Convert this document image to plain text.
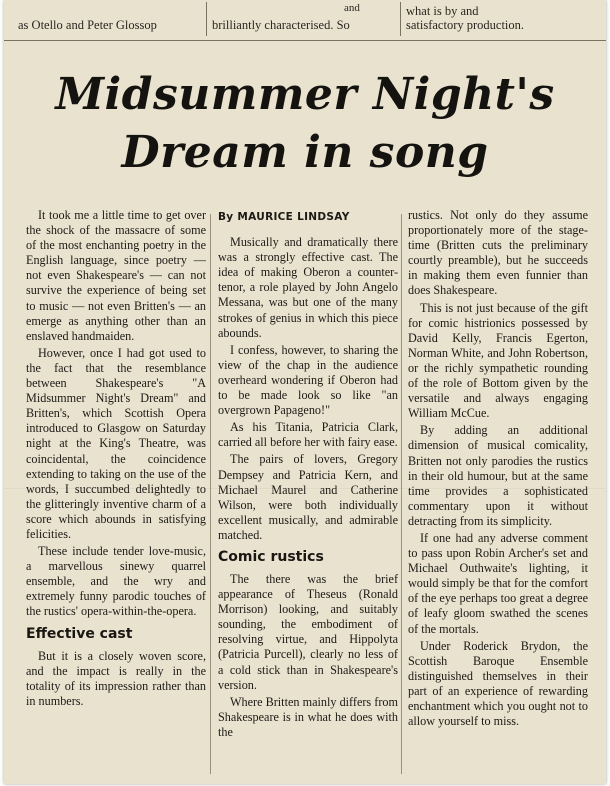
as Otello and Peter Glossop
and
brilliantly characterised. So
what is by and
satisfactory production.
Midsummer Night's
Dream in song

It took me a little time to get over the shock of the massacre of some of the most enchanting poetry in the English language, since poetry — not even Shakespeare's — can not survive the experience of being set to music — not even Britten's — an emerge as anything other than an enslaved handmaiden.

However, once I had got used to the fact that the resemblance between Shakespeare's "A Midsummer Night's Dream" and Britten's, which Scottish Opera introduced to Glasgow on Saturday night at the King's Theatre, was coincidental, the coincidence extending to taking on the use of the words, I succumbed delightedly to the glitteringly inventive charm of a score which abounds in satisfying felicities.

These include tender love-music, a marvellous sinewy quarrel ensemble, and the wry and extremely funny parodic touches of the rustics' opera-within-the-opera.

Effective cast

But it is a closely woven score, and the impact is really in the totality of its impression rather than in numbers.

By MAURICE LINDSAY

Musically and dramatically there was a strongly effective cast. The idea of making Oberon a counter-tenor, a role played by John Angelo Messana, was but one of the many strokes of genius in which this piece abounds.

I confess, however, to sharing the view of the chap in the audience overheard wondering if Oberon had to be made look so like "an overgrown Papageno!"

As his Titania, Patricia Clark, carried all before her with fairy ease.

The pairs of lovers, Gregory Dempsey and Patricia Kern, and Michael Maurel and Catherine Wilson, were both individually excellent musically, and admirable matched.

Comic rustics

The there was the brief appearance of Theseus (Ronald Morrison) looking, and suitably sounding, the embodiment of resolving virtue, and Hippolyta (Patricia Purcell), clearly no less of a cold stick than in Shakespeare's version.

Where Britten mainly differs from Shakespeare is in what he does with the

rustics. Not only do they assume proportionately more of the stage-time (Britten cuts the preliminary courtly preamble), but he succeeds in making them even funnier than does Shakespeare.

This is not just because of the gift for comic histrionics possessed by David Kelly, Francis Egerton, Norman White, and John Robertson, or the richly sympathetic rounding of the role of Bottom given by the versatile and always engaging William McCue.

By adding an additional dimension of musical comicality, Britten not only parodies the rustics in their old humour, but at the same time provides a sophisticated commentary upon it without detracting from its simplicity.

If one had any adverse comment to pass upon Robin Archer's set and Michael Outhwaite's lighting, it would simply be that for the comfort of the eye perhaps too great a degree of leafy gloom swathed the scenes of the mortals.

Under Roderick Brydon, the Scottish Baroque Ensemble distinguished themselves in their part of an experience of rewarding enchantment which you ought not to allow yourself to miss.
